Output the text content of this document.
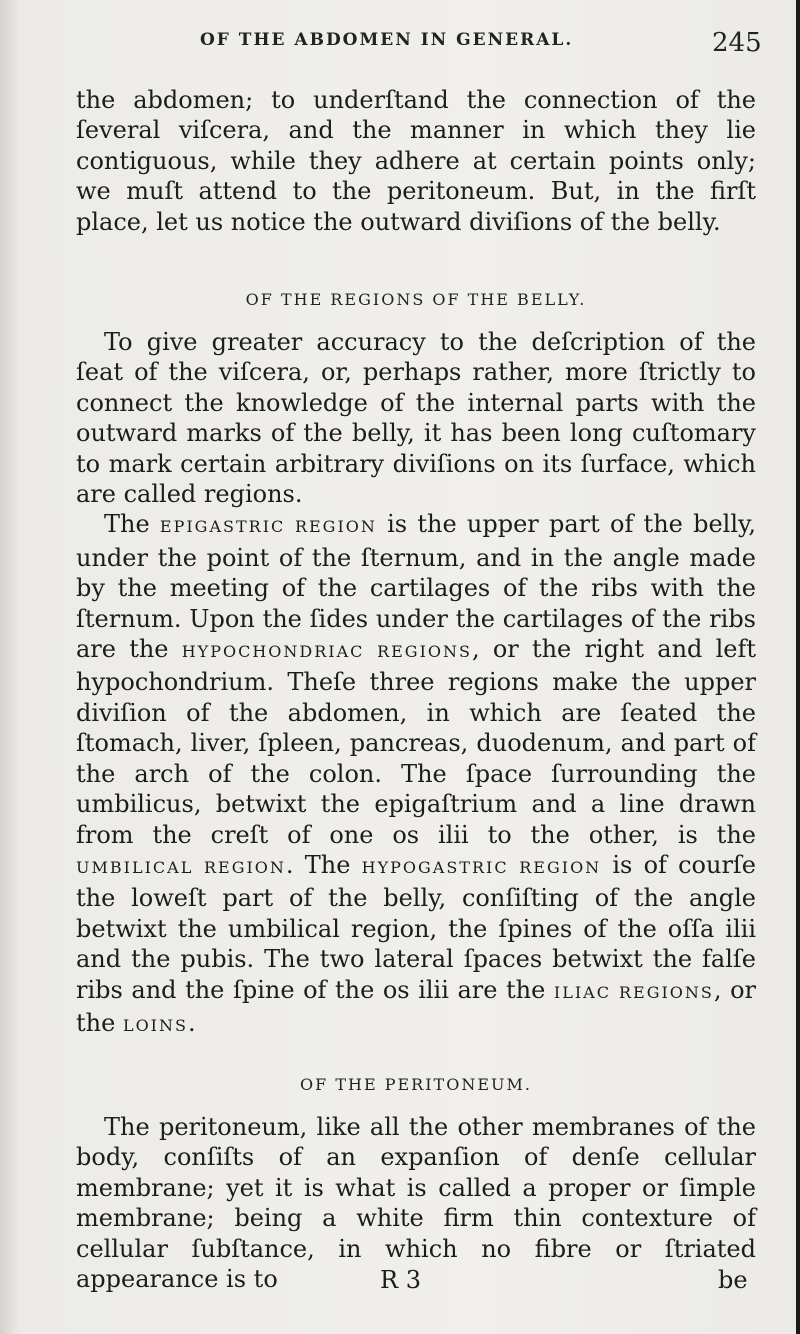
OF THE ABDOMEN IN GENERAL.	245

the abdomen; to underſtand the connection of the ſeveral viſcera, and the manner in which they lie contiguous, while they adhere at certain points only; we muſt attend to the peritoneum. But, in the firſt place, let us notice the outward diviſions of the belly.

OF THE REGIONS OF THE BELLY.

To give greater accuracy to the deſcription of the ſeat of the viſcera, or, perhaps rather, more ſtrictly to connect the knowledge of the internal parts with the outward marks of the belly, it has been long cuſtomary to mark certain arbitrary diviſions on its ſurface, which are called regions.

The EPIGASTRIC REGION is the upper part of the belly, under the point of the ſternum, and in the angle made by the meeting of the cartilages of the ribs with the ſternum. Upon the ſides under the cartilages of the ribs are the HYPOCHONDRIAC REGIONS, or the right and left hypochondrium. Theſe three regions make the upper diviſion of the abdomen, in which are ſeated the ſtomach, liver, ſpleen, pancreas, duodenum, and part of the arch of the colon. The ſpace ſurrounding the umbilicus, betwixt the epigaſtrium and a line drawn from the creſt of one os ilii to the other, is the UMBILICAL REGION. The HYPOGASTRIC REGION is of courſe the loweſt part of the belly, conſiſting of the angle betwixt the umbilical region, the ſpines of the oſſa ilii and the pubis. The two lateral ſpaces betwixt the falſe ribs and the ſpine of the os ilii are the ILIAC REGIONS, or the LOINS.

OF THE PERITONEUM.

The peritoneum, like all the other membranes of the body, conſiſts of an expanſion of denſe cellular membrane; yet it is what is called a proper or ſimple membrane; being a white firm thin contexture of cellular ſubſtance, in which no fibre or ſtriated appearance is to	R 3	be
